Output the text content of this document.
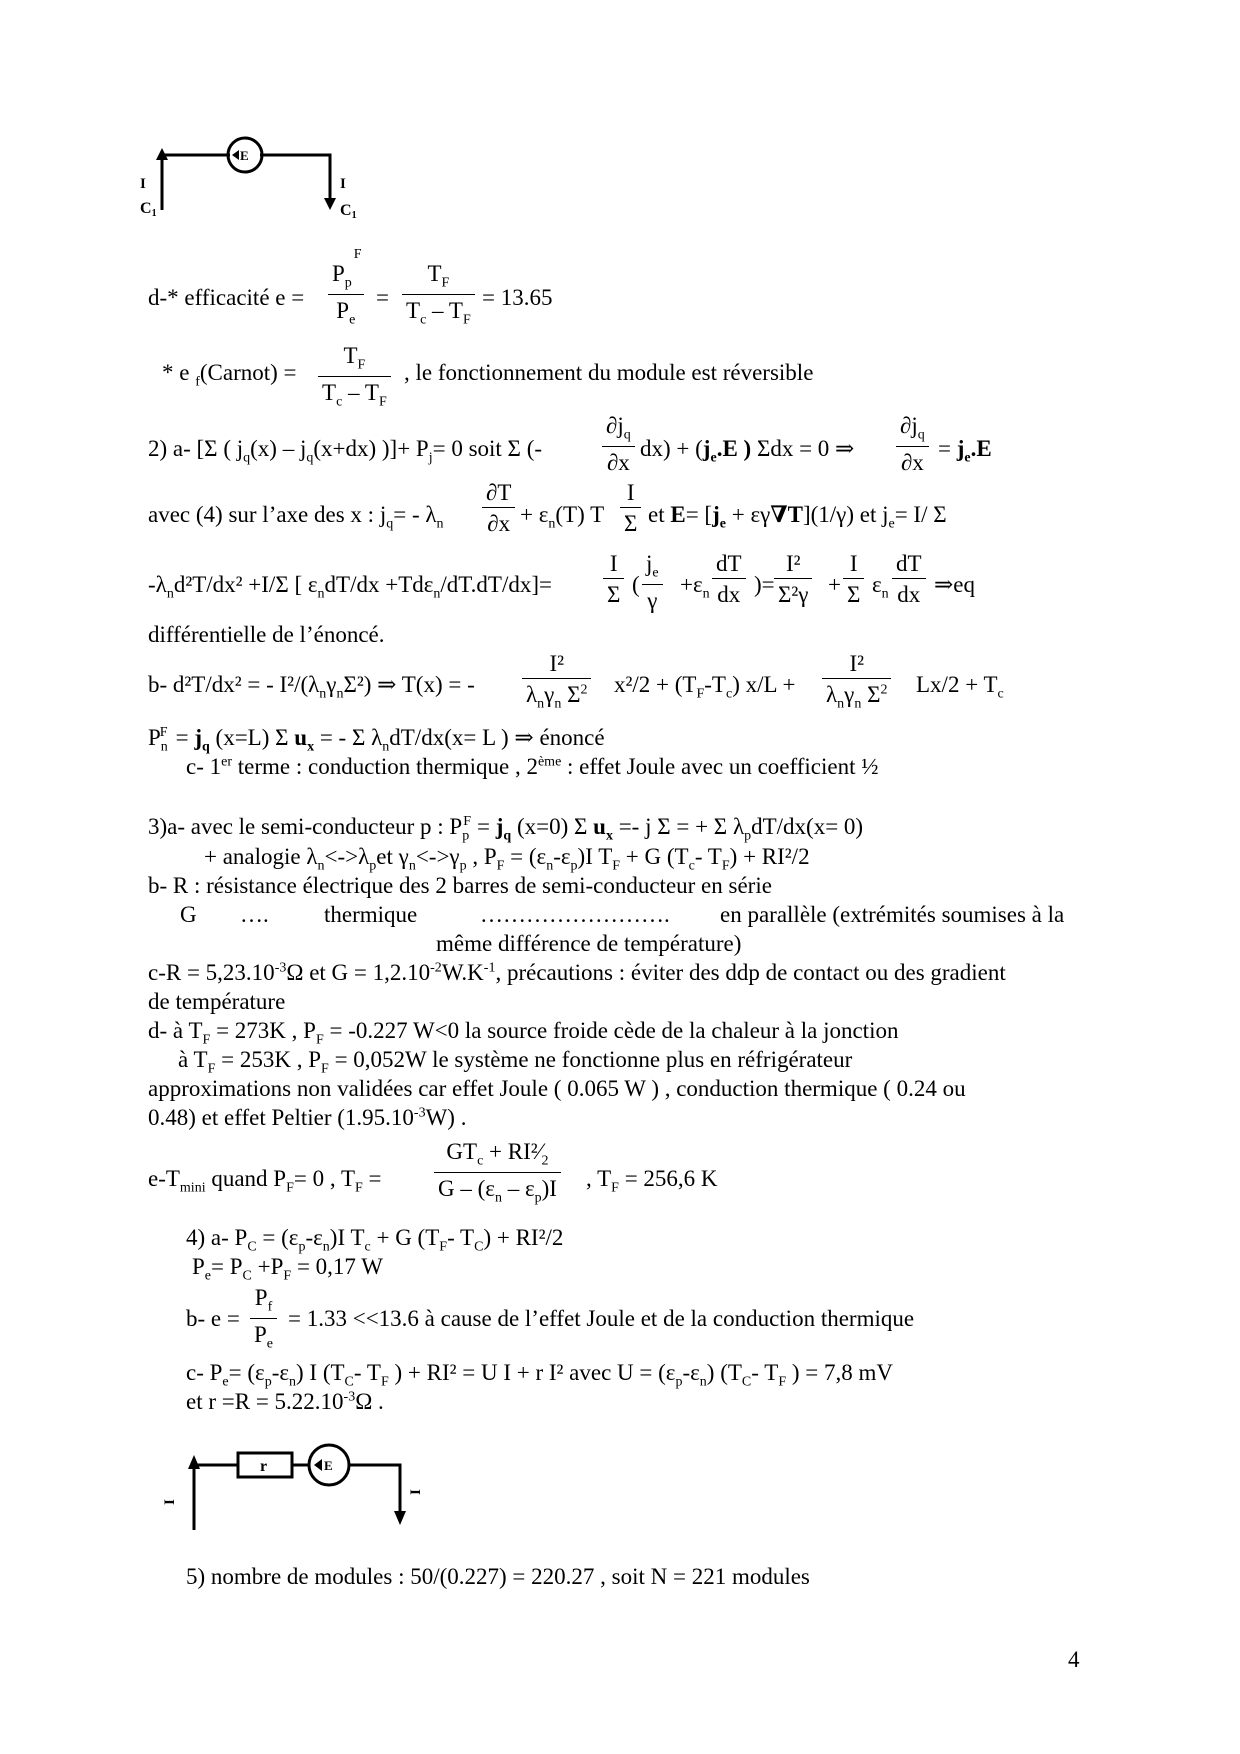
E
I	I
C1	C1
d-* efficacité e =
$P_p^F$
$P_e$
= $\frac{T_F}{T_c - T_F} = 13.65$
* e $_f$(Carnot) = $\frac{T_F}{T_c - T_F}$ , le fonctionnement du module est réversible
2) a- [Σ ( $j_q(x) - j_q(x+dx)$ )]+ $P_j= 0$ soit Σ (-	$\frac{\partial j_q}{\partial x} dx) + (j_e.E$ ) Σdx = 0 ⇒ $\frac{\partial j_q}{\partial x} = j_e.E$
avec (4) sur l’axe des x : $j_q= - \lambda_n \frac{\partial T}{\partial x} + \varepsilon_n(T)$ T $\frac{I}{\Sigma}$ et $E= [j_e + \varepsilon\gamma\nabla T](1/\gamma)$ et $j_e= I/$ Σ
$-\lambda_nd^2T$/dx² +I/Σ [ $\varepsilon_ndT/dx +Td\varepsilon_n/dT.dT/dx]= \frac{I}{\Sigma}$ ( $\frac{j_e}{\gamma} +\varepsilon_n \frac{dT}{dx}$ )= $\frac{\text{I²}}{\text{Σ²γ}} + \frac{I}{\Sigma} \varepsilon_n \frac{dT}{dx}$ ⇒eq
différentielle de l’énoncé.
b- d²T/dx² = - $I^2/(\lambda_n\gamma_n\Sigma^2)$ ⇒ T(x) = -
I²
$\lambda_n\gamma_n$ $\Sigma^2$ $x^2/2 + (T_F-T_c) x/L$ +
I²
$\lambda_n\gamma_n$ $\Sigma^2$ $Lx/2 + T_c$
$P_n^F = j_q$ (x=L) Σ $u_x$ = - Σ $\lambda_ndT/dx(x= L$ ) ⇒ énoncé
c- 1er terme : conduction thermique , 2ème : effet Joule avec un coefficient ½
3)a- avec le semi-conducteur p : $P_p^F = j_q$ (x=0) Σ $u_x =- j$ Σ = + Σ $\lambda_pdT/dx(x= 0)$
+ analogie $\lambda_n<->\lambda_pet$ $\gamma_n<->\gamma_p$ , $P_F = (\varepsilon_n-\varepsilon_p)I$ $T_F + G$ ($T_c-$ $T_F) + RI^2/2$
b- R : résistance électrique des 2 barres de semi-conducteur en série
G …. thermique	……………………. en parallèle (extrémités soumises à la
même différence de température)
$c-R = 5,23.10^{-3}\Omega$ et $G = 1,2.10^{-2}W.K^{-1}$, précautions : éviter des ddp de contact ou des gradient
de température
d- à $T_F = 273K$ , $P_F = -0.227$ W<0 la source froide cède de la chaleur à la jonction
à $T_F = 253K$ , $P_F = 0,052W$ le système ne fonctionne plus en réfrigérateur
approximations non validées car effet Joule ( 0.065 W ) , conduction thermique ( 0.24 ou
0.48) et effet Peltier $(1.95.10^{-3}W)$ .
$e-T_{mini}$ quand $P_F= 0$ , $T_F$ =
$GT_c$ + $RI^2⁄_2$
G – $(\varepsilon_n - \varepsilon_p)I$ , $T_F = 256,6$ K
4) a- $P_C = (\varepsilon_p-\varepsilon_n)I$ $T_c + G$ ($T_F-$ $T_C) + RI^2/2$
$P_e= P_C +P_F = 0,17$ W
b- $e = \frac{P_f}{P_e} = 1.33 <<13.6$ à cause de l’effet Joule et de la conduction thermique
c- $P_e= (\varepsilon_p-\varepsilon_n)$ I ($T_C-$ $T_F$ ) + RI² = U I + r I² avec $U = (\varepsilon_p-\varepsilon_n)$ ($T_C-$ $T_F$ ) = 7,8 mV
et $r =R = 5.22.10^{-3}\Omega$ .
r	E
I
I
5) nombre de modules : 50/(0.227) = 220.27 , soit N = 221 modules
4
